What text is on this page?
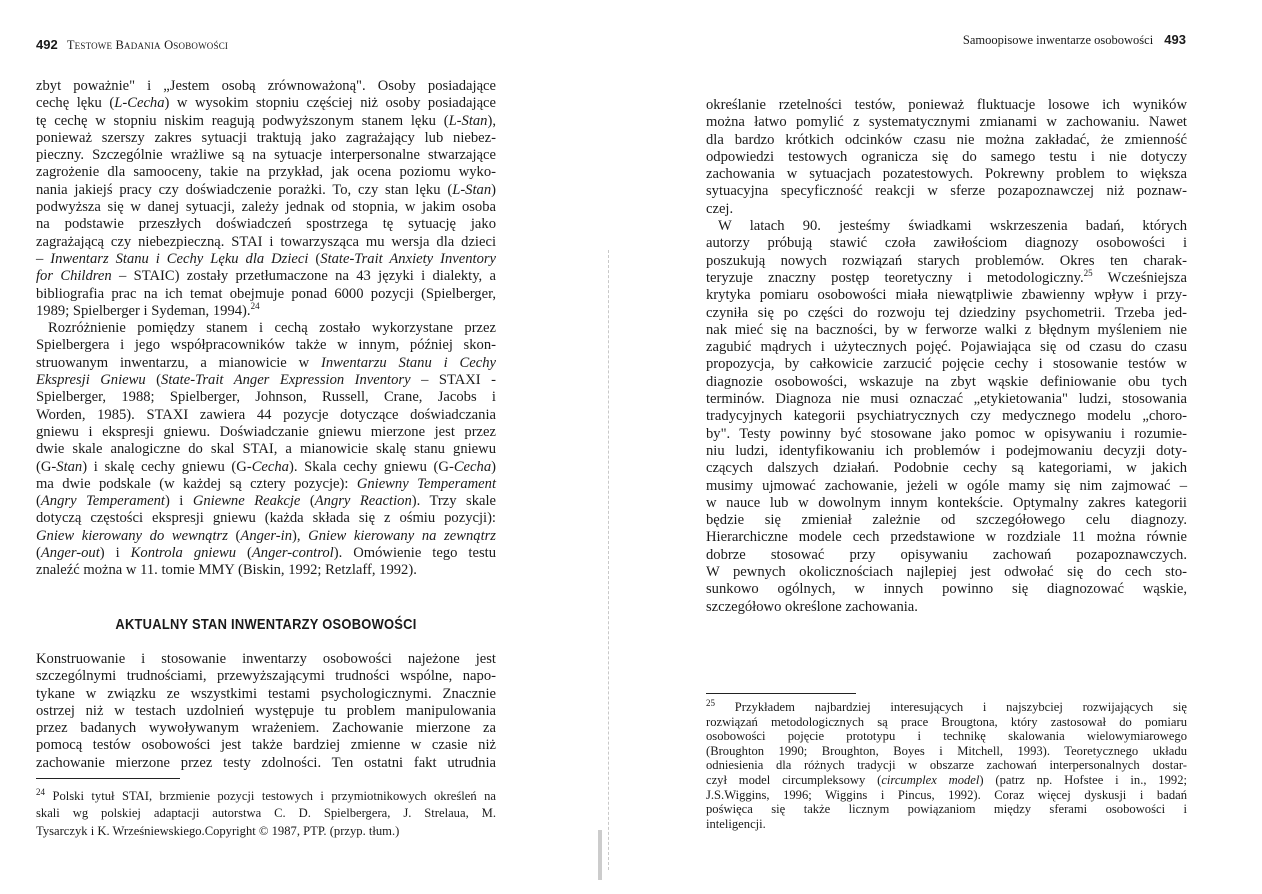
492 Testowe Badania Osobowości
zbyt poważnie" i „Jestem osobą zrównoważoną". Osoby posiadające
cechę lęku (L-Cecha) w wysokim stopniu częściej niż osoby posiadające
tę cechę w stopniu niskim reagują podwyższonym stanem lęku (L-Stan),
ponieważ szerszy zakres sytuacji traktują jako zagrażający lub niebez-
pieczny. Szczególnie wrażliwe są na sytuacje interpersonalne stwarzające
zagrożenie dla samooceny, takie na przykład, jak ocena poziomu wyko-
nania jakiejś pracy czy doświadczenie porażki. To, czy stan lęku (L-Stan)
podwyższa się w danej sytuacji, zależy jednak od stopnia, w jakim osoba
na podstawie przeszłych doświadczeń spostrzega tę sytuację jako
zagrażającą czy niebezpieczną. STAI i towarzysząca mu wersja dla dzieci
– Inwentarz Stanu i Cechy Lęku dla Dzieci (State-Trait Anxiety Inventory
for Children – STAIC) zostały przetłumaczone na 43 języki i dialekty, a
bibliografia prac na ich temat obejmuje ponad 6000 pozycji (Spielberger,
1989; Spielberger i Sydeman, 1994).$^{24}$
Rozróżnienie pomiędzy stanem i cechą zostało wykorzystane przez
Spielbergera i jego współpracowników także w innym, później skon-
struowanym inwentarzu, a mianowicie w Inwentarzu Stanu i Cechy
Ekspresji Gniewu (State-Trait Anger Expression Inventory – STAXI -
Spielberger, 1988; Spielberger, Johnson, Russell, Crane, Jacobs i
Worden, 1985). STAXI zawiera 44 pozycje dotyczące doświadczania
gniewu i ekspresji gniewu. Doświadczanie gniewu mierzone jest przez
dwie skale analogiczne do skal STAI, a mianowicie skalę stanu gniewu
(G-Stan) i skalę cechy gniewu (G-Cecha). Skala cechy gniewu (G-Cecha)
ma dwie podskale (w każdej są cztery pozycje): Gniewny Temperament
(Angry Temperament) i Gniewne Reakcje (Angry Reaction). Trzy skale
dotyczą częstości ekspresji gniewu (każda składa się z ośmiu pozycji):
Gniew kierowany do wewnątrz (Anger-in), Gniew kierowany na zewnątrz
(Anger-out) i Kontrola gniewu (Anger-control). Omówienie tego testu
znaleźć można w 11. tomie MMY (Biskin, 1992; Retzlaff, 1992).
AKTUALNY STAN INWENTARZY OSOBOWOŚCI
Konstruowanie i stosowanie inwentarzy osobowości najeżone jest
szczególnymi trudnościami, przewyższającymi trudności wspólne, napo-
tykane w związku ze wszystkimi testami psychologicznymi. Znacznie
ostrzej niż w testach uzdolnień występuje tu problem manipulowania
przez badanych wywoływanym wrażeniem. Zachowanie mierzone za
pomocą testów osobowości jest także bardziej zmienne w czasie niż
zachowanie mierzone przez testy zdolności. Ten ostatni fakt utrudnia
$^{24}$ Polski tytuł STAI, brzmienie pozycji testowych i przymiotnikowych określeń na
skali wg polskiej adaptacji autorstwa C. D. Spielbergera, J. Strelaua, M.
Tysarczyk i K. Wrześniewskiego.Copyright © 1987, PTP. (przyp. tłum.)
Samoopisowe inwentarze osobowości 493
określanie rzetelności testów, ponieważ fluktuacje losowe ich wyników
można łatwo pomylić z systematycznymi zmianami w zachowaniu. Nawet
dla bardzo krótkich odcinków czasu nie można zakładać, że zmienność
odpowiedzi testowych ogranicza się do samego testu i nie dotyczy
zachowania w sytuacjach pozatestowych. Pokrewny problem to większa
sytuacyjna specyficzność reakcji w sferze pozapoznawczej niż poznaw-
czej.
W latach 90. jesteśmy świadkami wskrzeszenia badań, których
autorzy próbują stawić czoła zawiłościom diagnozy osobowości i
poszukują nowych rozwiązań starych problemów. Okres ten charak-
teryzuje znaczny postęp teoretyczny i metodologiczny.$^{25}$ Wcześniejsza
krytyka pomiaru osobowości miała niewątpliwie zbawienny wpływ i przy-
czyniła się po części do rozwoju tej dziedziny psychometrii. Trzeba jed-
nak mieć się na baczności, by w ferworze walki z błędnym myśleniem nie
zagubić mądrych i użytecznych pojęć. Pojawiająca się od czasu do czasu
propozycja, by całkowicie zarzucić pojęcie cechy i stosowanie testów w
diagnozie osobowości, wskazuje na zbyt wąskie definiowanie obu tych
terminów. Diagnoza nie musi oznaczać „etykietowania" ludzi, stosowania
tradycyjnych kategorii psychiatrycznych czy medycznego modelu „choro-
by". Testy powinny być stosowane jako pomoc w opisywaniu i rozumie-
niu ludzi, identyfikowaniu ich problemów i podejmowaniu decyzji doty-
czących dalszych działań. Podobnie cechy są kategoriami, w jakich
musimy ujmować zachowanie, jeżeli w ogóle mamy się nim zajmować –
w nauce lub w dowolnym innym kontekście. Optymalny zakres kategorii
będzie się zmieniał zależnie od szczegółowego celu diagnozy.
Hierarchiczne modele cech przedstawione w rozdziale 11 można równie
dobrze stosować przy opisywaniu zachowań pozapoznawczych.
W pewnych okolicznościach najlepiej jest odwołać się do cech sto-
sunkowo ogólnych, w innych powinno się diagnozować wąskie,
szczegółowo określone zachowania.
$^{25}$ Przykładem najbardziej interesujących i najszybciej rozwijających się
rozwiązań metodologicznych są prace Brougtona, który zastosował do pomiaru
osobowości pojęcie prototypu i technikę skalowania wielowymiarowego
(Broughton 1990; Broughton, Boyes i Mitchell, 1993). Teoretycznego układu
odniesienia dla różnych tradycji w obszarze zachowań interpersonalnych dostar-
czył model circumpleksowy (circumplex model) (patrz np. Hofstee i in., 1992;
J.S.Wiggins, 1996; Wiggins i Pincus, 1992). Coraz więcej dyskusji i badań
poświęca się także licznym powiązaniom między sferami osobowości i
inteligencji.
